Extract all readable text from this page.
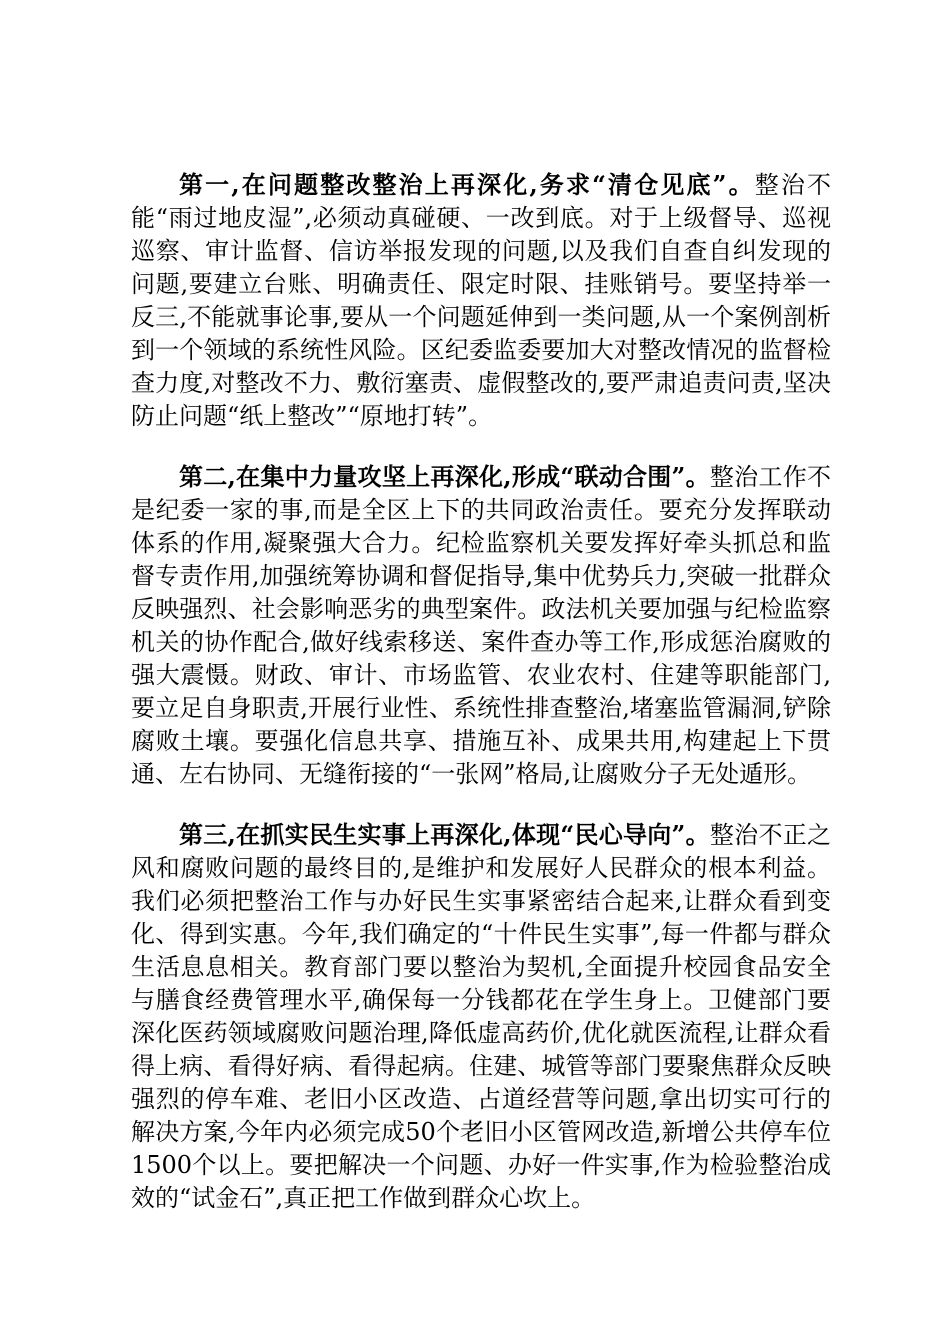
第一,在问题整改整治上再深化,务求“清仓见底”。整治不能“雨过地皮湿”,必须动真碰硬、一改到底。对于上级督导、巡视巡察、审计监督、信访举报发现的问题,以及我们自查自纠发现的问题,要建立台账、明确责任、限定时限、挂账销号。要坚持举一反三,不能就事论事,要从一个问题延伸到一类问题,从一个案例剖析到一个领域的系统性风险。区纪委监委要加大对整改情况的监督检查力度,对整改不力、敷衍塞责、虚假整改的,要严肃追责问责,坚决防止问题“纸上整改”“原地打转”。

第二,在集中力量攻坚上再深化,形成“联动合围”。整治工作不是纪委一家的事,而是全区上下的共同政治责任。要充分发挥联动体系的作用,凝聚强大合力。纪检监察机关要发挥好牵头抓总和监督专责作用,加强统筹协调和督促指导,集中优势兵力,突破一批群众反映强烈、社会影响恶劣的典型案件。政法机关要加强与纪检监察机关的协作配合,做好线索移送、案件查办等工作,形成惩治腐败的强大震慑。财政、审计、市场监管、农业农村、住建等职能部门,要立足自身职责,开展行业性、系统性排查整治,堵塞监管漏洞,铲除腐败土壤。要强化信息共享、措施互补、成果共用,构建起上下贯通、左右协同、无缝衔接的“一张网”格局,让腐败分子无处遁形。

第三,在抓实民生实事上再深化,体现“民心导向”。整治不正之风和腐败问题的最终目的,是维护和发展好人民群众的根本利益。我们必须把整治工作与办好民生实事紧密结合起来,让群众看到变化、得到实惠。今年,我们确定的“十件民生实事”,每一件都与群众生活息息相关。教育部门要以整治为契机,全面提升校园食品安全与膳食经费管理水平,确保每一分钱都花在学生身上。卫健部门要深化医药领域腐败问题治理,降低虚高药价,优化就医流程,让群众看得上病、看得好病、看得起病。住建、城管等部门要聚焦群众反映强烈的停车难、老旧小区改造、占道经营等问题,拿出切实可行的解决方案,今年内必须完成50个老旧小区管网改造,新增公共停车位1500个以上。要把解决一个问题、办好一件实事,作为检验整治成效的“试金石”,真正把工作做到群众心坎上。
